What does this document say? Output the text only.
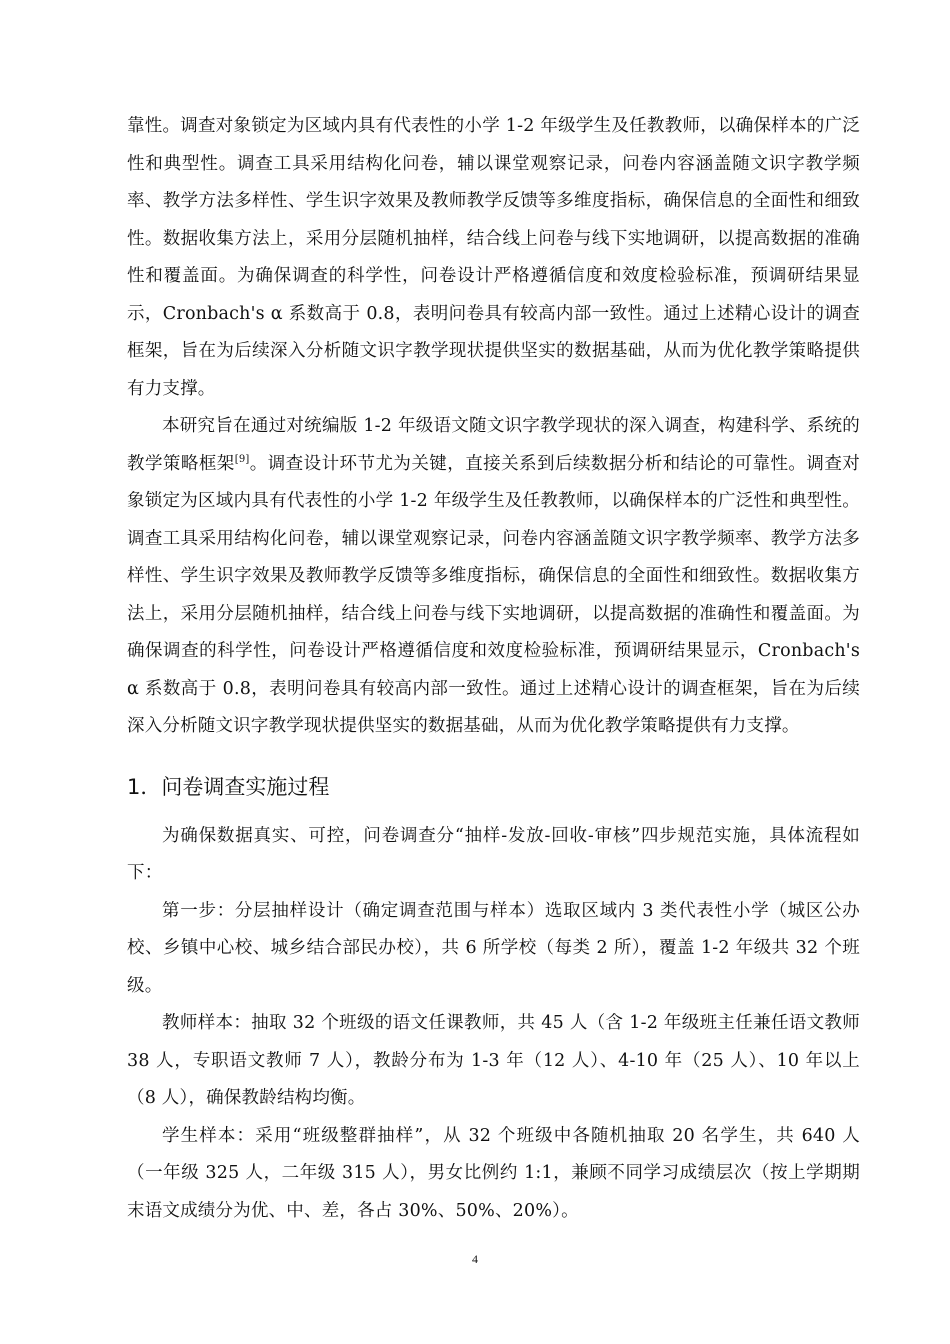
靠性。调查对象锁定为区域内具有代表性的小学 1-2 年级学生及任教教师，以确保样本的广泛性和典型性。调查工具采用结构化问卷，辅以课堂观察记录，问卷内容涵盖随文识字教学频率、教学方法多样性、学生识字效果及教师教学反馈等多维度指标，确保信息的全面性和细致性。数据收集方法上，采用分层随机抽样，结合线上问卷与线下实地调研，以提高数据的准确性和覆盖面。为确保调查的科学性，问卷设计严格遵循信度和效度检验标准，预调研结果显示，Cronbach's α 系数高于 0.8，表明问卷具有较高内部一致性。通过上述精心设计的调查框架，旨在为后续深入分析随文识字教学现状提供坚实的数据基础，从而为优化教学策略提供有力支撑。

本研究旨在通过对统编版 1-2 年级语文随文识字教学现状的深入调查，构建科学、系统的教学策略框架[9]。调查设计环节尤为关键，直接关系到后续数据分析和结论的可靠性。调查对象锁定为区域内具有代表性的小学 1-2 年级学生及任教教师，以确保样本的广泛性和典型性。调查工具采用结构化问卷，辅以课堂观察记录，问卷内容涵盖随文识字教学频率、教学方法多样性、学生识字效果及教师教学反馈等多维度指标，确保信息的全面性和细致性。数据收集方法上，采用分层随机抽样，结合线上问卷与线下实地调研，以提高数据的准确性和覆盖面。为确保调查的科学性，问卷设计严格遵循信度和效度检验标准，预调研结果显示，Cronbach's α 系数高于 0.8，表明问卷具有较高内部一致性。通过上述精心设计的调查框架，旨在为后续深入分析随文识字教学现状提供坚实的数据基础，从而为优化教学策略提供有力支撑。

1．问卷调查实施过程

为确保数据真实、可控，问卷调查分“抽样-发放-回收-审核”四步规范实施，具体流程如下：

第一步：分层抽样设计（确定调查范围与样本）选取区域内 3 类代表性小学（城区公办校、乡镇中心校、城乡结合部民办校），共 6 所学校（每类 2 所），覆盖 1-2 年级共 32 个班级。

教师样本：抽取 32 个班级的语文任课教师，共 45 人（含 1-2 年级班主任兼任语文教师 38 人，专职语文教师 7 人），教龄分布为 1-3 年（12 人）、4-10 年（25 人）、10 年以上（8 人），确保教龄结构均衡。

学生样本：采用“班级整群抽样”，从 32 个班级中各随机抽取 20 名学生，共 640 人（一年级 325 人，二年级 315 人），男女比例约 1:1，兼顾不同学习成绩层次（按上学期期末语文成绩分为优、中、差，各占 30%、50%、20%）。

4
